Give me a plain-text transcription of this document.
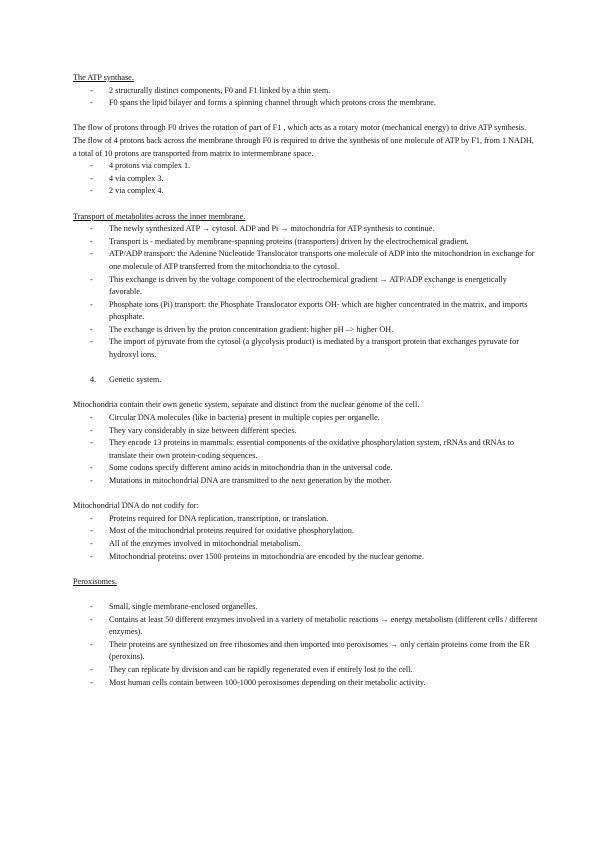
The ATP synthase.

- 2 structurally distinct components, F0 and F1 linked by a thin stem.
- F0 spans the lipid bilayer and forms a spinning channel through which protons cross the membrane.

The flow of protons through F0 drives the rotation of part of F1 , which acts as a rotary motor (mechanical energy) to drive ATP synthesis.

The flow of 4 protons back across the membrane through F0 is required to drive the synthesis of one molecule of ATP by F1, from 1 NADH, a total of 10 protons are transported from matrix to intermembrane space.

- 4 protons via complex 1.
- 4 via complex 3.
- 2 via complex 4.

Transport of metabolites across the inner membrane.

- The newly synthesized ATP → cytosol. ADP and Pi → mitochondria for ATP synthesis to continue.
- Transport is - mediated by membrane-spanning proteins (transporters) driven by the electrochemical gradient.
- ATP/ADP transport: the Adenine Nucleotide Translocator transports one molecule of ADP into the mitochondrion in exchange for one molecule of ATP transferred from the mitochondria to the cytosol.
- This exchange is driven by the voltage component of the electrochemical gradient → ATP/ADP exchange is energetically favorable.
- Phosphate ions (Pi) transport: the Phosphate Translocator exports OH- which are higher concentrated in the matrix, and imports phosphate.
- The exchange is driven by the proton concentration gradient: higher pH –> higher OH.
- The import of pyruvate from the cytosol (a glycolysis product) is mediated by a transport protein that exchanges pyruvate for hydroxyl ions.
4. Genetic system.

Mitochondria contain their own genetic system, separate and distinct from the nuclear genome of the cell.

- Circular DNA molecules (like in bacteria) present in multiple copies per organelle.
- They vary considerably in size between different species.
- They encode 13 proteins in mammals: essential components of the oxidative phosphorylation system, rRNAs and tRNAs to translate their own protein-coding sequences.
- Some codons specify different amino acids in mitochondria than in the universal code.
- Mutations in mitochondrial DNA are transmitted to the next generation by the mother.

Mitochondrial DNA do not codify for:

- Proteins required for DNA replication, transcription, or translation.
- Most of the mitochondrial proteins required for oxidative phosphorylation.
- All of the enzymes involved in mitochondrial metabolism.
- Mitochondrial proteins: over 1500 proteins in mitochondria are encoded by the nuclear genome.

Peroxisomes.

- Small, single membrane-enclosed organelles.
- Contains at least 50 different enzymes involved in a variety of metabolic reactions → energy metabolism (different cells / different enzymes).
- Their proteins are synthesized on free ribosomes and then imported into peroxisomes → only certain proteins come from the ER (peroxins).
- They can replicate by division and can be rapidly regenerated even if entirely lost to the cell.
- Most human cells contain between 100-1000 peroxisomes depending on their metabolic activity.
